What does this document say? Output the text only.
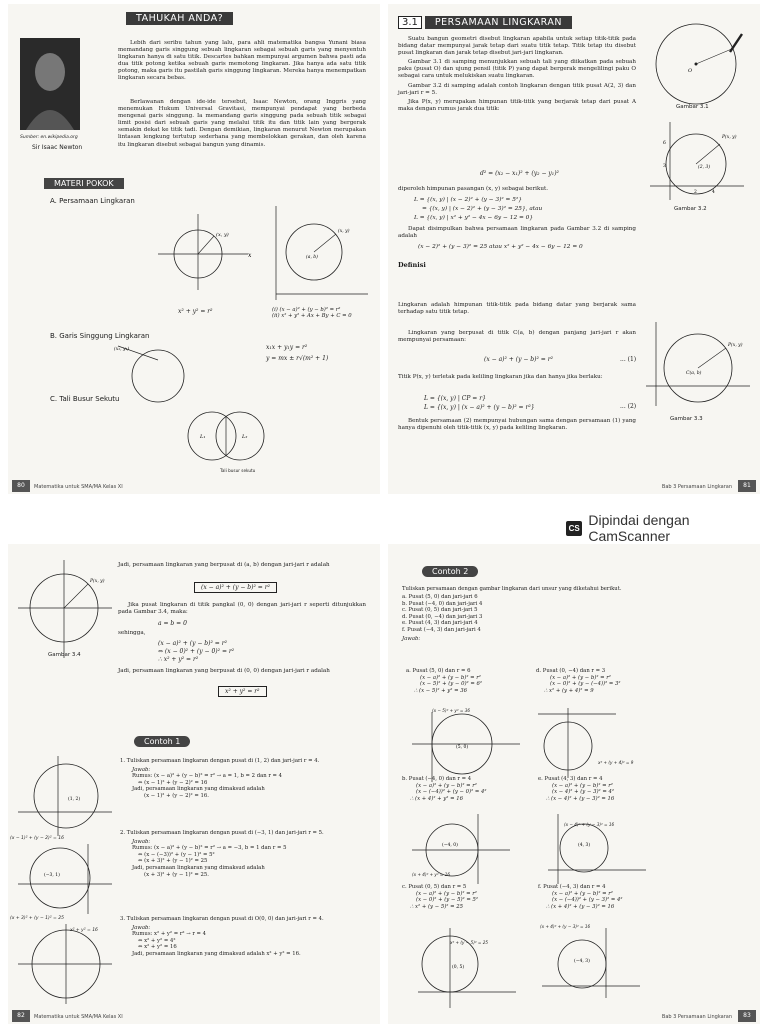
TAHUKAH ANDA?
Sumber: en.wikipedia.org
Sir Isaac Newton

Lebih dari seribu tahun yang lalu, para ahli matematika bangsa Yunani biasa memandang garis singgung sebuah lingkaran sebagai sebuah garis yang menyentuh lingkaran hanya di satu titik. Descartes bahkan mempunyai argumen bahwa pasti ada dua titik potong ketika sebuah garis memotong lingkaran. Jika hanya ada satu titik potong, maka garis itu pastilah garis singgung lingkaran. Mereka hanya menempatkan lingkaran secara bebas.

Berlawanan dengan ide-ide tersebut, Isaac Newton, orang Inggris yang menemukan Hukum Universal Gravitasi, mempunyai pendapat yang berbeda mengenai garis singgung. Ia memandang garis singgung pada sebuah titik sebagai limit posisi dari sebuah garis yang melalui titik itu dan titik lain yang bergerak semakin dekat ke titik tadi. Dengan demikian, lingkaran menurut Newton merupakan lintasan lengkung tertutup sederhana yang membelokkan gerakan, dan oleh karena itu lingkaran disebut sebagai bangun yang dinamis.

MATERI POKOK
A. Persamaan Lingkaran
(x, y)
x
x² + y² = r²
(a, b)
(x, y)
(i) (x − a)² + (y − b)² = r²
(ii) x² + y² + Ax + By + C = 0
B. Garis Singgung Lingkaran
(x₁, y₁)	x₁x + y₁y = r²
y = mx ± r√(m² + 1)
C. Tali Busur Sekutu
L₁	L₂
Tali busur sekutu
80	Matematika untuk SMA/MA Kelas XI
3.1	PERSAMAAN LINGKARAN

Suatu bangun geometri disebut lingkaran apabila untuk setiap titik-titik pada bidang datar mempunyai jarak tetap dari suatu titik tetap. Titik tetap itu disebut pusat lingkaran dan jarak tetap disebut jari-jari lingkaran.

Gambar 3.1 di samping menunjukkan sebuah tali yang diikatkan pada sebuah paku (pusat O) dan ujung pensil (titik P) yang dapat bergerak mengelilingi paku O sebagai cara untuk melukiskan suatu lingkaran.

Gambar 3.2 di samping adalah contoh lingkaran dengan titik pusat A(2, 3) dan jari-jari r = 5.

Jika P(x, y) merupakan himpunan titik-titik yang berjarak tetap dari pusat A maka dengan rumus jarak dua titik:

d² = (x₂ − x₁)² + (y₂ − y₁)²

diperoleh himpunan pasangan (x, y) sebagai berikut.

L = {(x, y) | (x − 2)² + (y − 3)² = 5²}
= {(x, y) | (x − 2)² + (y − 3)² = 25}, atau
L = {(x, y) | x² + y² − 4x − 6y − 12 = 0}

Dapat disimpulkan bahwa persamaan lingkaran pada Gambar 3.2 di samping adalah

(x − 2)² + (y − 3)² = 25 atau x² + y² − 4x − 6y − 12 = 0
Definisi

Lingkaran adalah himpunan titik-titik pada bidang datar yang berjarak sama terhadap satu titik tetap.

Lingkaran yang berpusat di titik C(a, b) dengan panjang jari-jari r akan mempunyai persamaan:

(x − a)² + (y − b)² = r²	... (1)

Titik P(x, y) terletak pada keliling lingkaran jika dan hanya jika berlaku:

L = {(x, y) | CP = r}
L = {(x, y) | (x − a)² + (y − b)² = r²}	... (2)

Bentuk persamaan (2) mempunyai hubungan sama dengan persamaan (1) yang hanya dipenuhi oleh titik-titik (x, y) pada keliling lingkaran.

O
Gambar 3.1
(2, 3)
P(x, y)
6
3
2	4
Gambar 3.2
C(a, b)
P(x, y)
Gambar 3.3
81
Bab 3 Persamaan Lingkaran
CS Dipindai dengan CamScanner

Jadi, persamaan lingkaran yang berpusat di (a, b) dengan jari-jari r adalah

(x − a)² + (y − b)² = r²

Jika pusat lingkaran di titik pangkal (0, 0) dengan jari-jari r seperti ditunjukkan pada Gambar 3.4, maka:

a = b = 0
sehingga,
(x − a)² + (y − b)² = r²
⇔ (x − 0)² + (y − 0)² = r²
∴ x² + y² = r²

Jadi, persamaan lingkaran yang berpusat di (0, 0) dengan jari-jari r adalah

x² + y² = r²
P(x, y)
Gambar 3.4
Contoh 1

1. Tuliskan persamaan lingkaran dengan pusat di (1, 2) dan jari-jari r = 4.

Jawab:

Rumus: (x − a)² + (y − b)² = r² → a = 1, b = 2 dan r = 4

⇔ (x − 1)² + (y − 2)² = 16

Jadi, persamaan lingkaran yang dimaksud adalah

(x − 1)² + (y − 2)² = 16.

2. Tuliskan persamaan lingkaran dengan pusat di (−3, 1) dan jari-jari r = 5.

Jawab:

Rumus: (x − a)² + (y − b)² = r² → a = −3, b = 1 dan r = 5

⇔ (x − (−3))² + (y − 1)² = 5²

⇔ (x + 3)² + (y − 1)² = 25

Jadi, persamaan lingkaran yang dimaksud adalah

(x + 3)² + (y − 1)² = 25.

3. Tuliskan persamaan lingkaran dengan pusat di O(0, 0) dan jari-jari r = 4.

Jawab:

Rumus: x² + y² = r² → r = 4

⇔ x² + y² = 4²

⇔ x² + y² = 16

Jadi, persamaan lingkaran yang dimaksud adalah x² + y² = 16.

(1, 2)
(x − 1)² + (y − 2)² = 16
(−3, 1)
(x + 3)² + (y − 1)² = 25
x² + y² = 16
82	Matematika untuk SMA/MA Kelas XI
Contoh 2
Tuliskan persamaan dengan gambar lingkaran dari unsur yang diketahui berikut.

a. Pusat (5, 0) dan jari-jari 6

b. Pusat (−4, 0) dan jari-jari 4

c. Pusat (0, 5) dan jari-jari 5

d. Pusat (0, −4) dan jari-jari 3

e. Pusat (4, 3) dan jari-jari 4

f. Pusat (−4, 3) dan jari-jari 4

Jawab:

a. Pusat (5, 0) dan r = 6

(x − a)² + (y − b)² = r²

(x − 5)² + (y − 0)² = 6²

∴ (x − 5)² + y² = 36

(5, 0)
(x − 5)² + y² = 36

d. Pusat (0, −4) dan r = 3

(x − a)² + (y − b)² = r²

(x − 0)² + (y − (−4))² = 3²

∴ x² + (y + 4)² = 9

x² + (y + 4)² = 9

b. Pusat (−4, 0) dan r = 4

(x − a)² + (y − b)² = r²

(x − (−4))² + (y − 0)² = 4²

∴ (x + 4)² + y² = 16

(−4, 0)
(x + 4)² + y² = 16

e. Pusat (4, 3) dan r = 4

(x − a)² + (y − b)² = r²

(x − 4)² + (y − 3)² = 4²

∴ (x − 4)² + (y − 3)² = 16

(4, 3)
(x − 4)² + (y − 3)² = 16

c. Pusat (0, 5) dan r = 5

(x − a)² + (y − b)² = r²

(x − 0)² + (y − 5)² = 5²

∴ x² + (y − 5)² = 25

(0, 5)
x² + (y − 5)² = 25

f. Pusat (−4, 3) dan r = 4

(x − a)² + (y − b)² = r²

(x − (−4))² + (y − 3)² = 4²

∴ (x + 4)² + (y − 3)² = 16

(−4, 3)
(x + 4)² + (y − 3)² = 16
83
Bab 3 Persamaan Lingkaran
